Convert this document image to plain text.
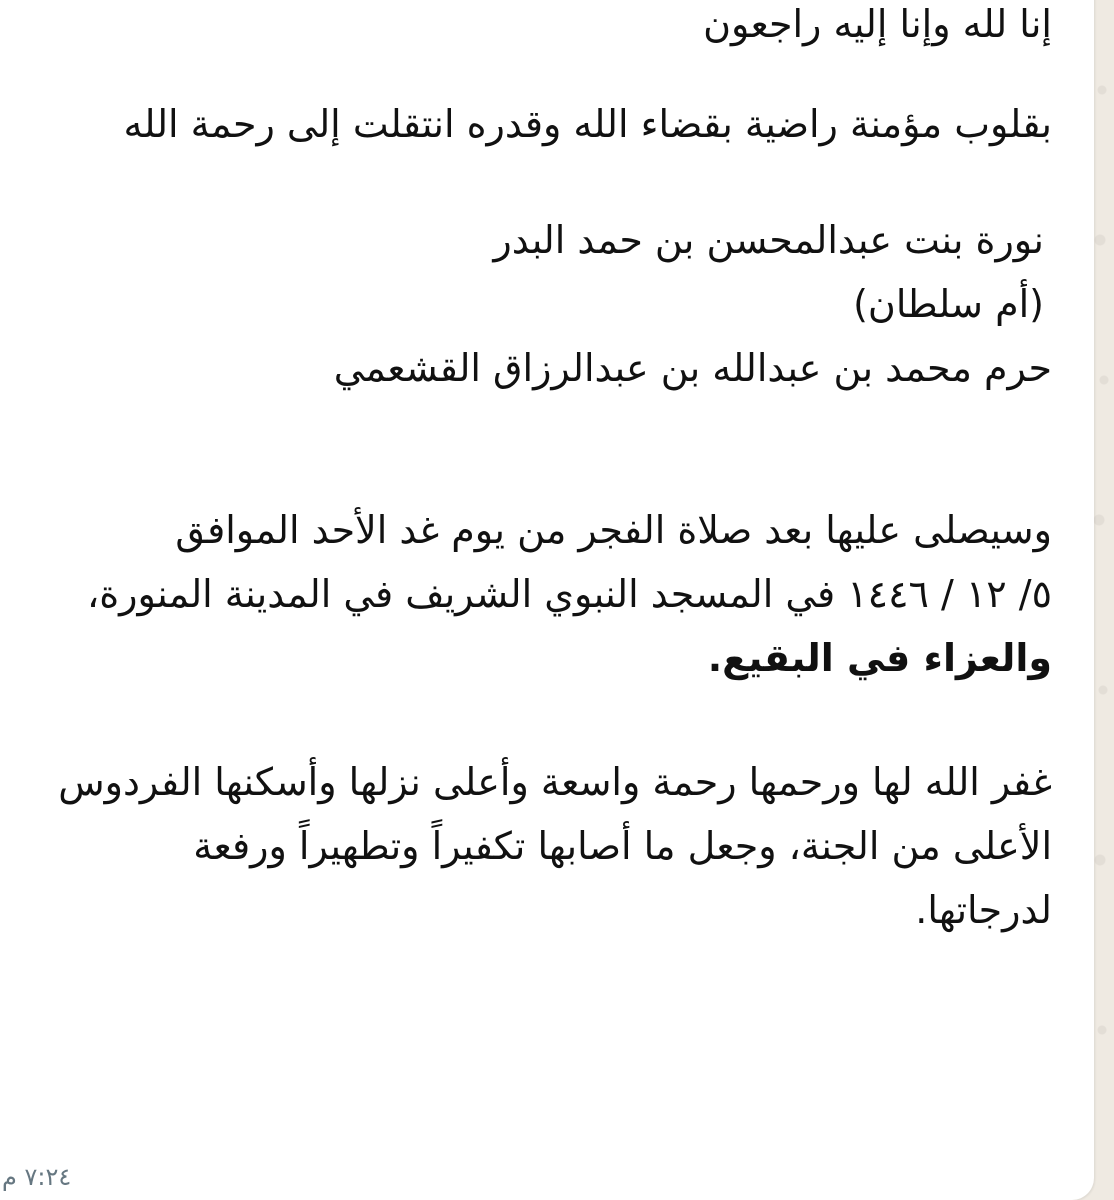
إنا لله وإنا إليه راجعون
بقلوب مؤمنة راضية بقضاء الله وقدره انتقلت إلى رحمة الله
نورة بنت عبدالمحسن بن حمد البدر
(أم سلطان)
حرم محمد بن عبدالله بن عبدالرزاق القشعمي
وسيصلى عليها بعد صلاة الفجر من يوم غد الأحد الموافق
٥/ ١٢ / ١٤٤٦ في المسجد النبوي الشريف في المدينة المنورة،
والعزاء في البقيع.
غفر الله لها ورحمها رحمة واسعة وأعلى نزلها وأسكنها الفردوس
الأعلى من الجنة، وجعل ما أصابها تكفيراً وتطهيراً ورفعة
لدرجاتها.
٧:٢٤ م
